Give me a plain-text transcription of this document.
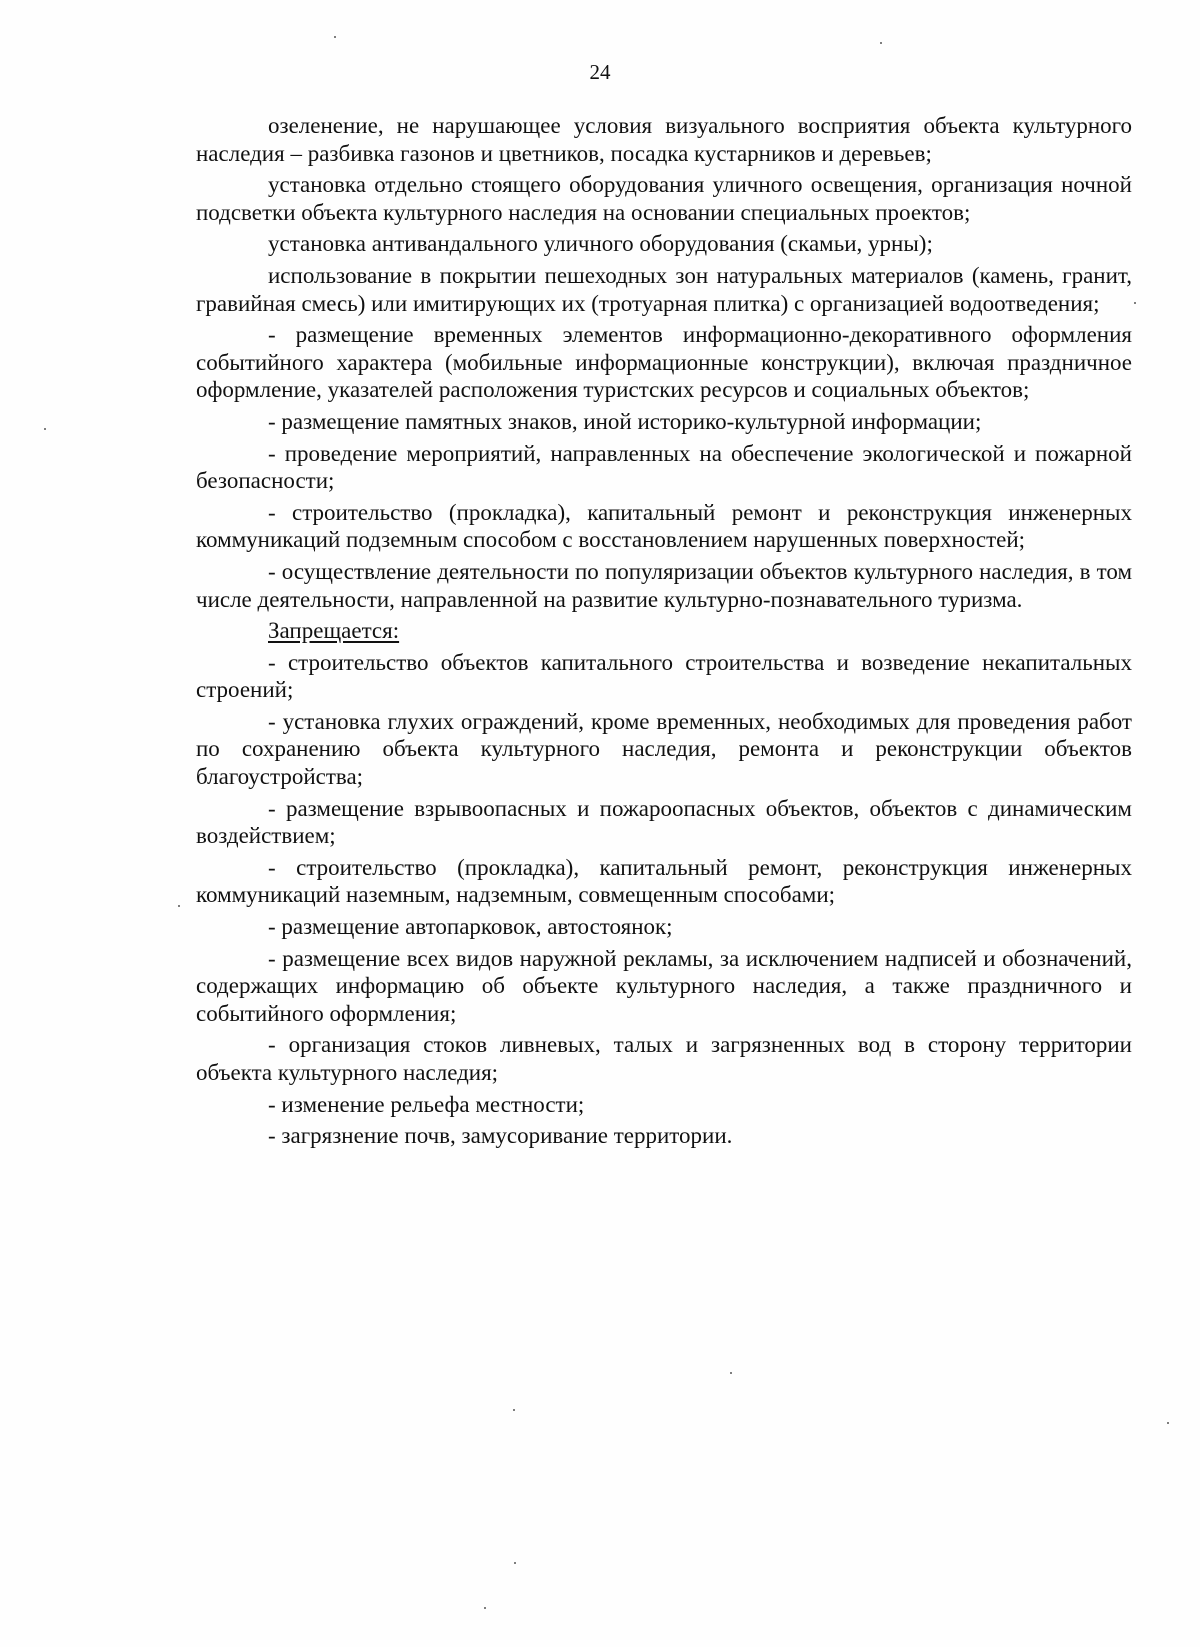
24

озеленение, не нарушающее условия визуального восприятия объекта культурного наследия – разбивка газонов и цветников, посадка кустарников и деревьев;

установка отдельно стоящего оборудования уличного освещения, организация ночной подсветки объекта культурного наследия на основании специальных проектов;

установка антивандального уличного оборудования (скамьи, урны);

использование в покрытии пешеходных зон натуральных материалов (камень, гранит, гравийная смесь) или имитирующих их (тротуарная плитка) с организацией водоотведения;

- размещение временных элементов информационно-декоративного оформления событийного характера (мобильные информационные конструкции), включая праздничное оформление, указателей расположения туристских ресурсов и социальных объектов;

- размещение памятных знаков, иной историко-культурной информации;

- проведение мероприятий, направленных на обеспечение экологической и пожарной безопасности;

- строительство (прокладка), капитальный ремонт и реконструкция инженерных коммуникаций подземным способом с восстановлением нарушенных поверхностей;

- осуществление деятельности по популяризации объектов культурного наследия, в том числе деятельности, направленной на развитие культурно-познавательного туризма.

Запрещается:

- строительство объектов капитального строительства и возведение некапитальных строений;

- установка глухих ограждений, кроме временных, необходимых для проведения работ по сохранению объекта культурного наследия, ремонта и реконструкции объектов благоустройства;

- размещение взрывоопасных и пожароопасных объектов, объектов с динамическим воздействием;

- строительство (прокладка), капитальный ремонт, реконструкция инженерных коммуникаций наземным, надземным, совмещенным способами;

- размещение автопарковок, автостоянок;

- размещение всех видов наружной рекламы, за исключением надписей и обозначений, содержащих информацию об объекте культурного наследия, а также праздничного и событийного оформления;

- организация стоков ливневых, талых и загрязненных вод в сторону территории объекта культурного наследия;

- изменение рельефа местности;

- загрязнение почв, замусоривание территории.
